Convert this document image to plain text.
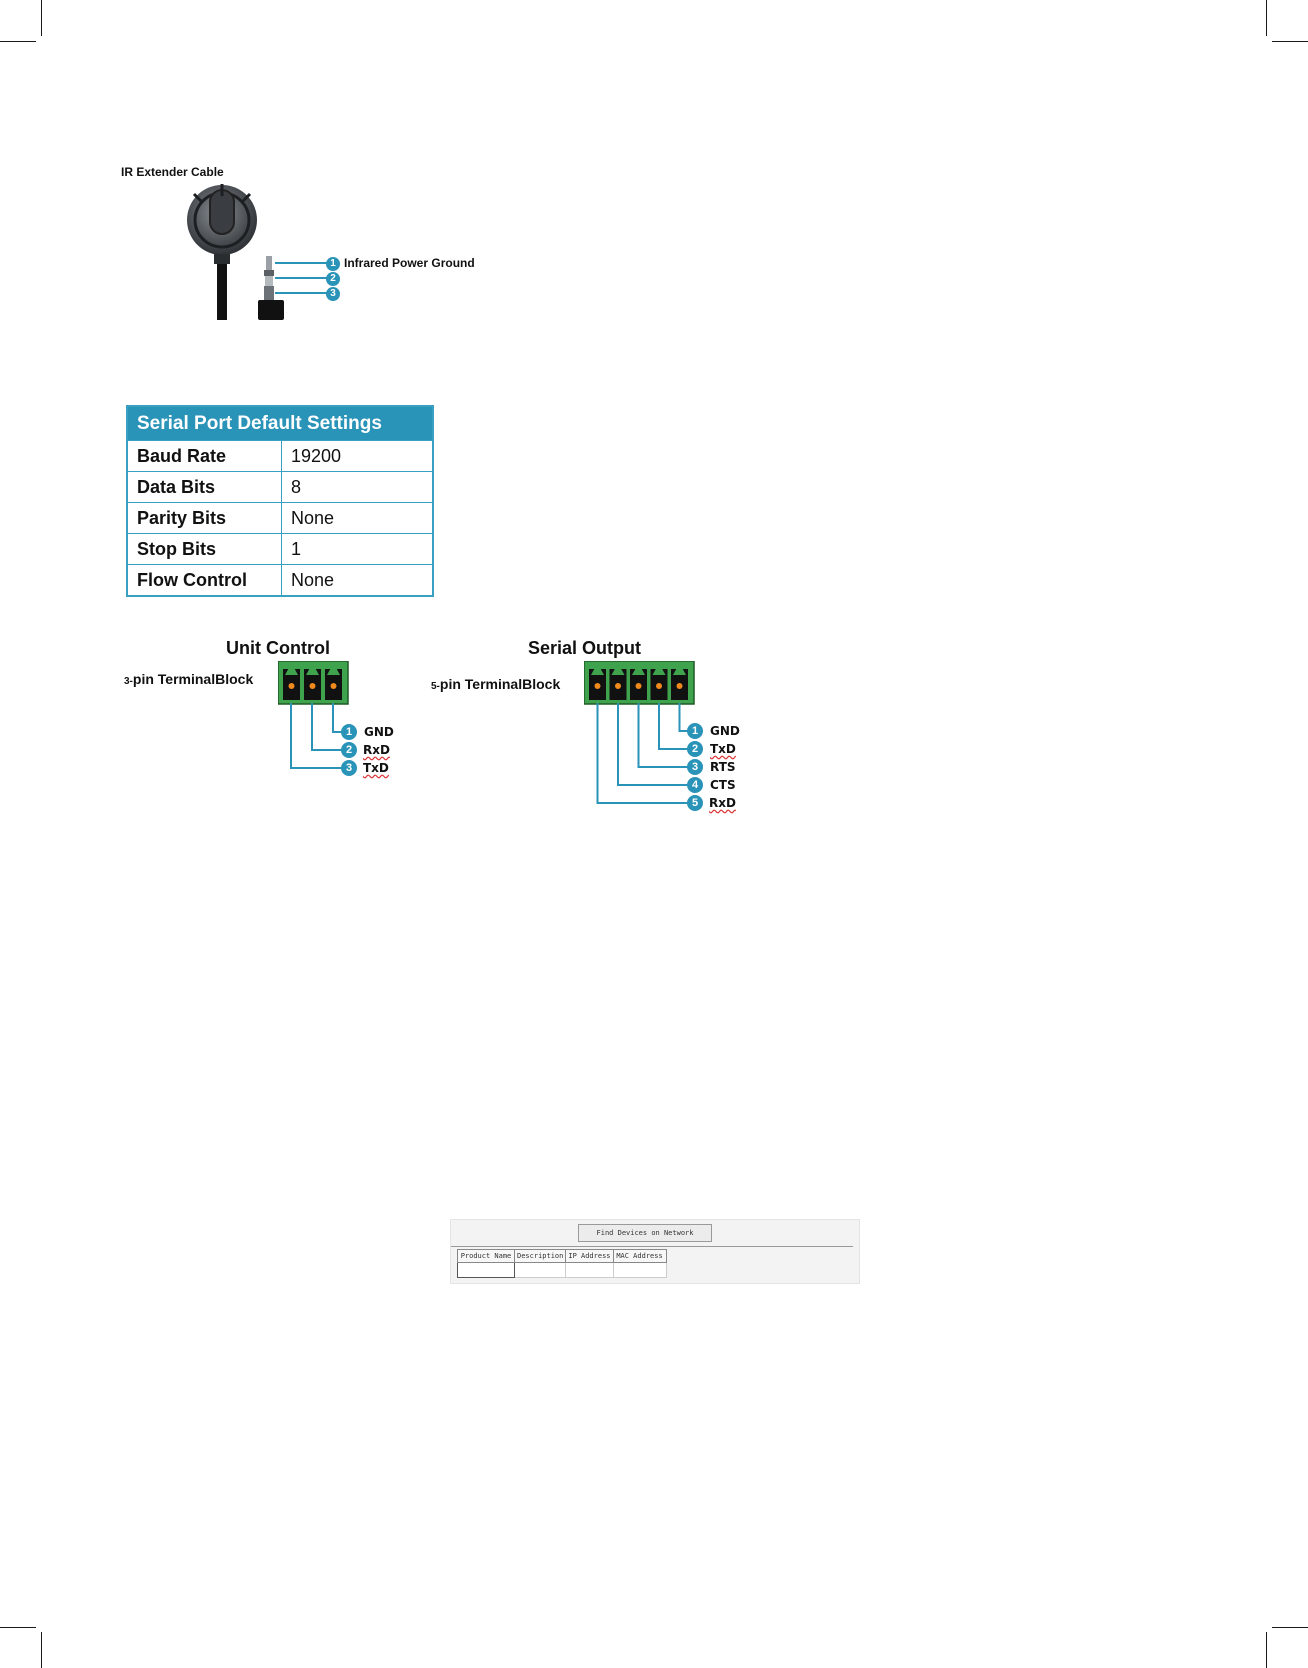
IR Extender Cable
1
2
3
Infrared Power Ground
Serial Port Default Settings	
Baud Rate	19200
Data Bits	8
Parity Bits	None
Stop Bits	1
Flow Control	None
Unit Control
3-pin TerminalBlock
1
2
3
GND
RxD
TxD
Serial Output
5-pin TerminalBlock
1
2
3
4
5
GND
TxD
RTS
CTS
RxD
Find Devices on Network
Product Name	Description	IP Address	MAC Address
